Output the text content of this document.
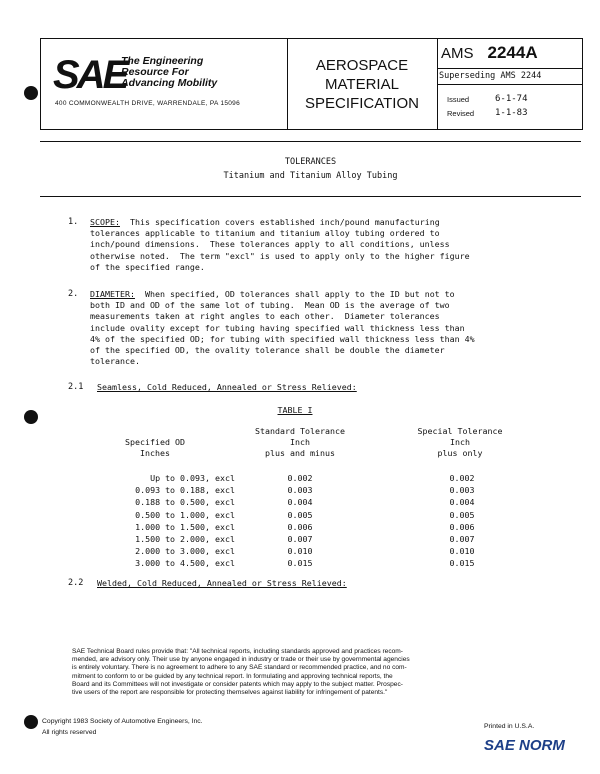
SAE
The Engineering
Resource For
Advancing Mobility
400 COMMONWEALTH DRIVE, WARRENDALE, PA 15096
AEROSPACE
MATERIAL
SPECIFICATION
AMS 2244A
Superseding AMS 2244
Issued	6-1-74
Revised 1-1-83
TOLERANCES
Titanium and Titanium Alloy Tubing
1. SCOPE: This specification covers established inch/pound manufacturing
tolerances applicable to titanium and titanium alloy tubing ordered to
inch/pound dimensions.  These tolerances apply to all conditions, unless
otherwise noted.  The term "excl" is used to apply only to the higher figure
of the specified range.
2. DIAMETER: When specified, OD tolerances shall apply to the ID but not to
both ID and OD of the same lot of tubing.  Mean OD is the average of two
measurements taken at right angles to each other.  Diameter tolerances
include ovality except for tubing having specified wall thickness less than
4% of the specified OD; for tubing with specified wall thickness less than 4%
of the specified OD, the ovality tolerance shall be double the diameter
tolerance.
2.1 Seamless, Cold Reduced, Annealed or Stress Relieved:
TABLE I
Specified OD
Inches
Standard Tolerance
Inch
plus and minus
Special Tolerance
Inch
plus only
Up to 0.093, excl	0.002	0.002
0.093 to 0.188, excl	0.003	0.003
0.188 to 0.500, excl	0.004	0.004
0.500 to 1.000, excl	0.005	0.005
1.000 to 1.500, excl	0.006	0.006
1.500 to 2.000, excl	0.007	0.007
2.000 to 3.000, excl	0.010	0.010
3.000 to 4.500, excl	0.015	0.015
2.2 Welded, Cold Reduced, Annealed or Stress Relieved:
SAE Technical Board rules provide that: "All technical reports, including standards approved and practices recom-
mended, are advisory only. Their use by anyone engaged in industry or trade or their use by governmental agencies
is entirely voluntary. There is no agreement to adhere to any SAE standard or recommended practice, and no com-
mitment to conform to or be guided by any technical report. In formulating and approving technical reports, the
Board and its Committees will not investigate or consider patents which may apply to the subject matter. Prospec-
tive users of the report are responsible for protecting themselves against liability for infringement of patents."
Copyright 1983 Society of Automotive Engineers, Inc.
All rights reserved
Printed in U.S.A.
SAE NORM
